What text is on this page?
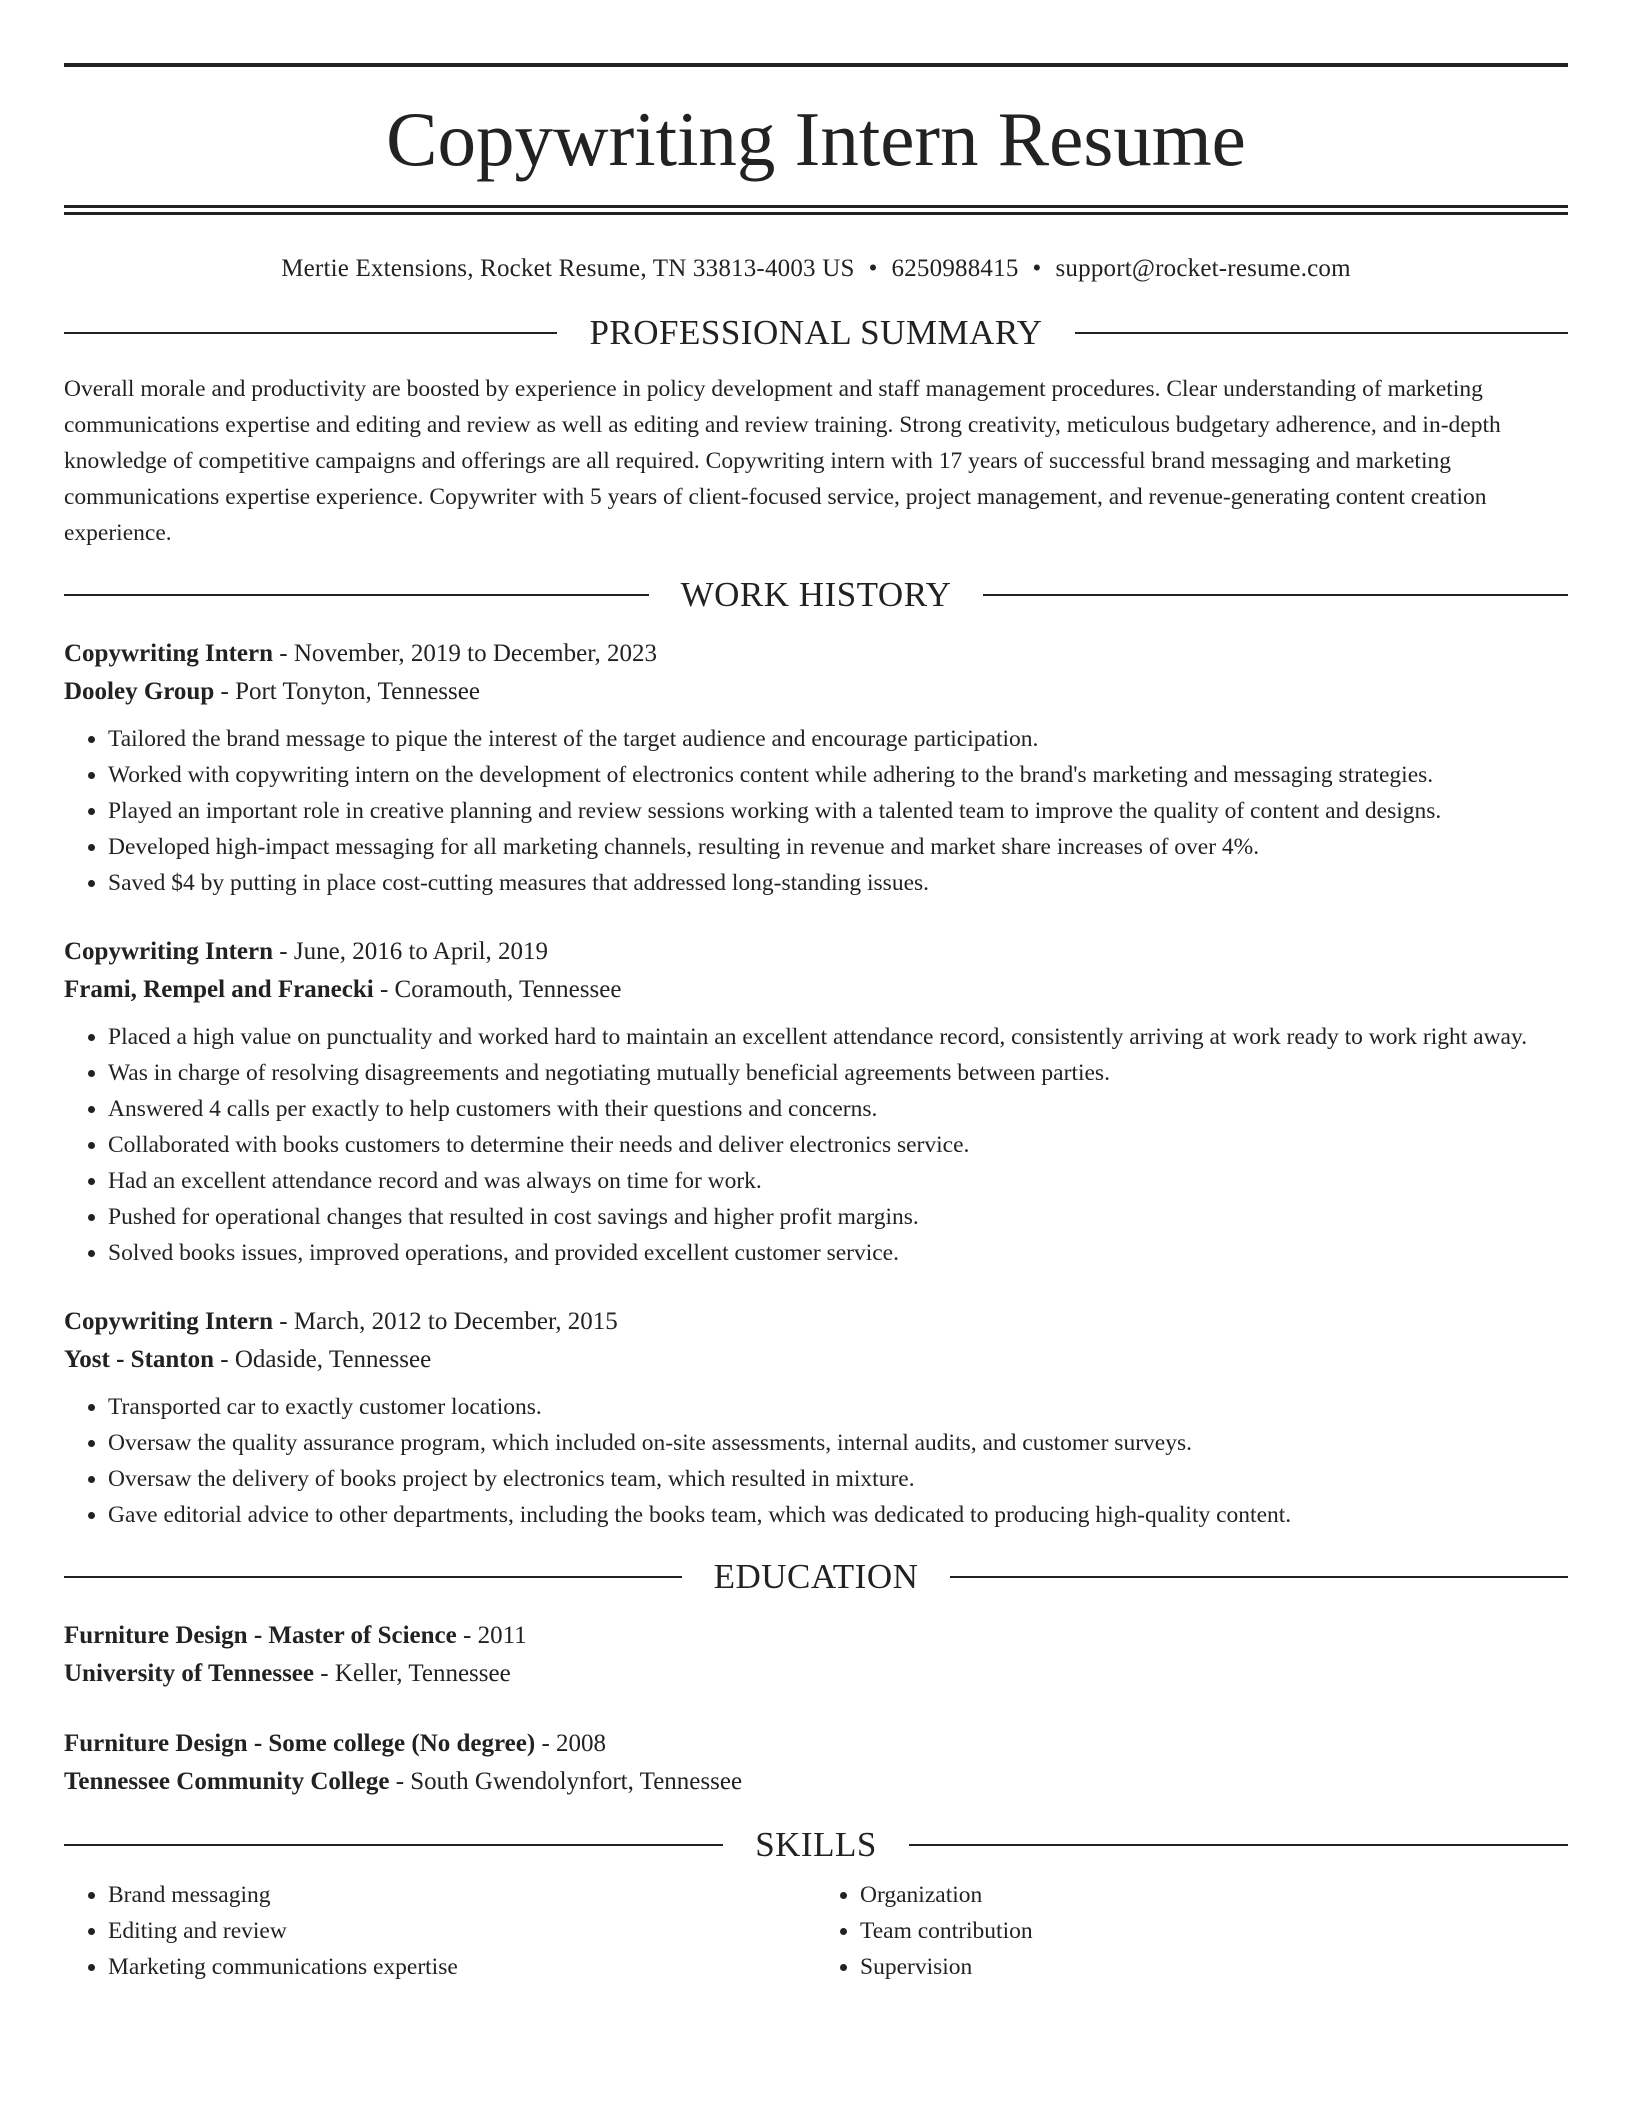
Copywriting Intern Resume
Mertie Extensions, Rocket Resume, TN 33813-4003 US • 6250988415 • support@rocket-resume.com
PROFESSIONAL SUMMARY

Overall morale and productivity are boosted by experience in policy development and staff management procedures. Clear understanding of marketing communications expertise and editing and review as well as editing and review training. Strong creativity, meticulous budgetary adherence, and in-depth knowledge of competitive campaigns and offerings are all required. Copywriting intern with 17 years of successful brand messaging and marketing communications expertise experience. Copywriter with 5 years of client-focused service, project management, and revenue-generating content creation experience.

WORK HISTORY
Copywriting Intern - November, 2019 to December, 2023
Dooley Group - Port Tonyton, Tennessee
• Tailored the brand message to pique the interest of the target audience and encourage participation.
• Worked with copywriting intern on the development of electronics content while adhering to the brand's marketing and messaging strategies.
• Played an important role in creative planning and review sessions working with a talented team to improve the quality of content and designs.
• Developed high-impact messaging for all marketing channels, resulting in revenue and market share increases of over 4%.
• Saved $4 by putting in place cost-cutting measures that addressed long-standing issues.
Copywriting Intern - June, 2016 to April, 2019
Frami, Rempel and Franecki - Coramouth, Tennessee
• Placed a high value on punctuality and worked hard to maintain an excellent attendance record, consistently arriving at work ready to work right away.
• Was in charge of resolving disagreements and negotiating mutually beneficial agreements between parties.
• Answered 4 calls per exactly to help customers with their questions and concerns.
• Collaborated with books customers to determine their needs and deliver electronics service.
• Had an excellent attendance record and was always on time for work.
• Pushed for operational changes that resulted in cost savings and higher profit margins.
• Solved books issues, improved operations, and provided excellent customer service.
Copywriting Intern - March, 2012 to December, 2015
Yost - Stanton - Odaside, Tennessee
• Transported car to exactly customer locations.
• Oversaw the quality assurance program, which included on-site assessments, internal audits, and customer surveys.
• Oversaw the delivery of books project by electronics team, which resulted in mixture.
• Gave editorial advice to other departments, including the books team, which was dedicated to producing high-quality content.
EDUCATION
Furniture Design - Master of Science - 2011
University of Tennessee - Keller, Tennessee
Furniture Design - Some college (No degree) - 2008
Tennessee Community College - South Gwendolynfort, Tennessee
SKILLS
• Brand messaging
• Editing and review
• Marketing communications expertise
• Organization
• Team contribution
• Supervision
